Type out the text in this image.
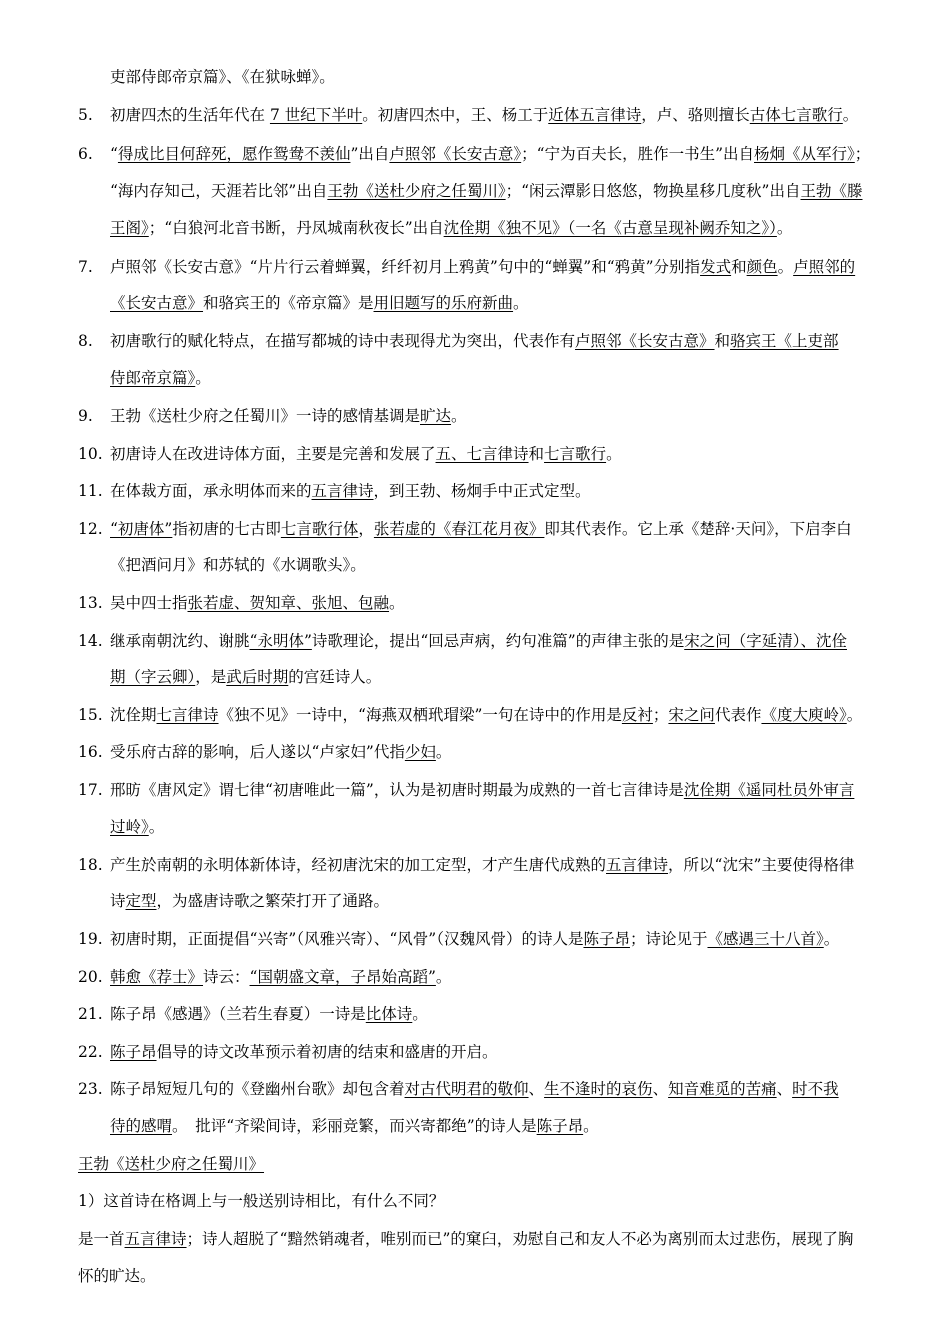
吏部侍郎帝京篇》、《在狱咏蝉》。
5.	初唐四杰的生活年代在 7 世纪下半叶。初唐四杰中，王、杨工于近体五言律诗，卢、骆则擅长古体七言歌行。
6.	“得成比目何辞死，愿作鸳鸯不羡仙”出自卢照邻《长安古意》；“宁为百夫长，胜作一书生”出自杨炯《从军行》；
“海内存知己，天涯若比邻”出自王勃《送杜少府之任蜀川》；“闲云潭影日悠悠，物换星移几度秋”出自王勃《滕
王阁》；“白狼河北音书断，丹凤城南秋夜长”出自沈佺期《独不见》（一名《古意呈现补阙乔知之》）。
7.	卢照邻《长安古意》“片片行云着蝉翼，纤纤初月上鸦黄”句中的“蝉翼”和“鸦黄”分别指发式和颜色。卢照邻的
《长安古意》和骆宾王的《帝京篇》是用旧题写的乐府新曲。
8.	初唐歌行的赋化特点，在描写都城的诗中表现得尤为突出，代表作有卢照邻《长安古意》和骆宾王《上吏部
侍郎帝京篇》。
9.	王勃《送杜少府之任蜀川》一诗的感情基调是旷达。
10. 初唐诗人在改进诗体方面，主要是完善和发展了五、七言律诗和七言歌行。
11. 在体裁方面，承永明体而来的五言律诗，到王勃、杨炯手中正式定型。
12. “初唐体”指初唐的七古即七言歌行体，张若虚的《春江花月夜》即其代表作。它上承《楚辞·天问》，下启李白
《把酒问月》和苏轼的《水调歌头》。
13. 吴中四士指张若虚、贺知章、张旭、包融。
14. 继承南朝沈约、谢朓“永明体”诗歌理论，提出“回忌声病，约句准篇”的声律主张的是宋之问（字延清）、沈佺
期（字云卿），是武后时期的宫廷诗人。
15. 沈佺期七言律诗《独不见》一诗中，“海燕双栖玳瑁梁”一句在诗中的作用是反衬；宋之问代表作《度大庾岭》。
16. 受乐府古辞的影响，后人遂以“卢家妇”代指少妇。
17. 邢昉《唐风定》谓七律“初唐唯此一篇”，认为是初唐时期最为成熟的一首七言律诗是沈佺期《遥同杜员外审言
过岭》。
18. 产生於南朝的永明体新体诗，经初唐沈宋的加工定型，才产生唐代成熟的五言律诗，所以“沈宋”主要使得格律
诗定型，为盛唐诗歌之繁荣打开了通路。
19. 初唐时期，正面提倡“兴寄”（风雅兴寄）、“风骨”（汉魏风骨）的诗人是陈子昂；诗论见于《感遇三十八首》。
20. 韩愈《荐士》诗云：“国朝盛文章，子昂始高蹈”。
21. 陈子昂《感遇》（兰若生春夏）一诗是比体诗。
22. 陈子昂倡导的诗文改革预示着初唐的结束和盛唐的开启。
23. 陈子昂短短几句的《登幽州台歌》却包含着对古代明君的敬仰、生不逢时的哀伤、知音难觅的苦痛、时不我
待的感喟。　批评“齐梁间诗，彩丽竞繁，而兴寄都绝”的诗人是陈子昂。
王勃《送杜少府之任蜀川》
1）这首诗在格调上与一般送别诗相比，有什么不同？
是一首五言律诗；诗人超脱了“黯然销魂者，唯别而已”的窠臼，劝慰自己和友人不必为离别而太过悲伤，展现了胸
怀的旷达。
